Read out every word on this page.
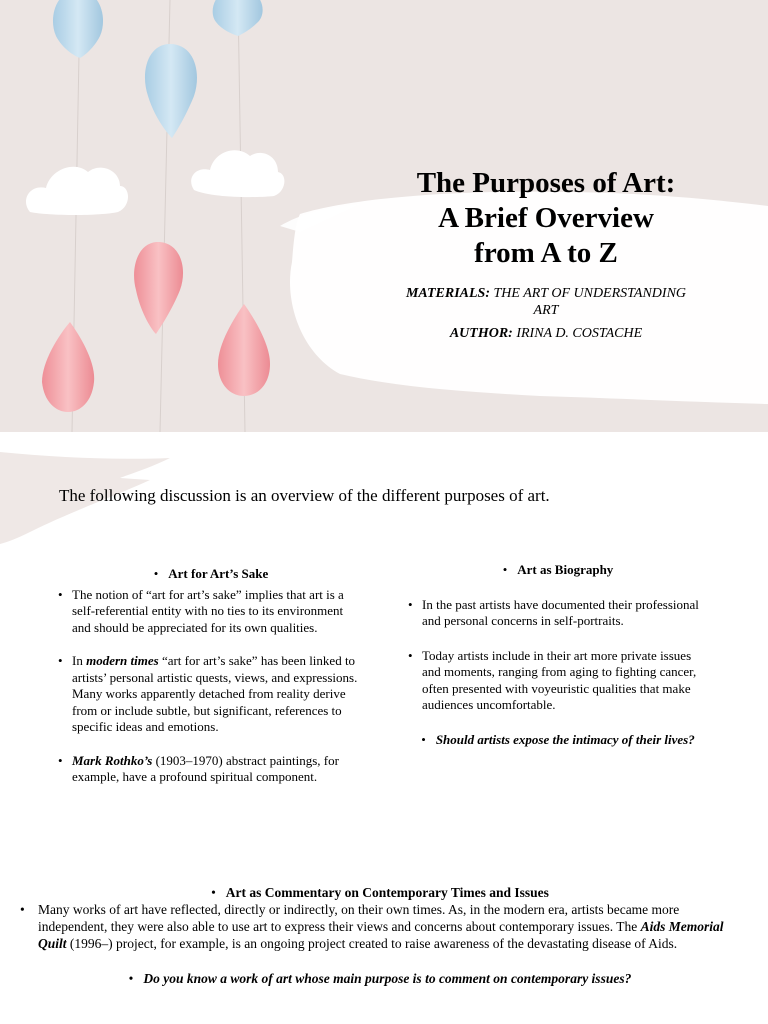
The Purposes of Art: A Brief Overview from A to Z

MATERIALS: THE ART OF UNDERSTANDING ART

AUTHOR: IRINA D. COSTACHE

The following discussion is an overview of the different purposes of art.

• Art for Art’s Sake

• The notion of “art for art’s sake” implies that art is a self-referential entity with no ties to its environment and should be appreciated for its own qualities.
• In modern times “art for art’s sake” has been linked to artists’ personal artistic quests, views, and expressions. Many works apparently detached from reality derive from or include subtle, but significant, references to specific ideas and emotions.
• Mark Rothko’s (1903–1970) abstract paintings, for example, have a profound spiritual component.

• Art as Biography

• In the past artists have documented their professional and personal concerns in self-portraits.
• Today artists include in their art more private issues and moments, ranging from aging to fighting cancer, often presented with voyeuristic qualities that make audiences uncomfortable.

• Should artists expose the intimacy of their lives?

• Art as Commentary on Contemporary Times and Issues

• Many works of art have reflected, directly or indirectly, on their own times. As, in the modern era, artists became more independent, they were also able to use art to express their views and concerns about contemporary issues. The Aids Memorial Quilt (1996–) project, for example, is an ongoing project created to raise awareness of the devastating disease of Aids.

• Do you know a work of art whose main purpose is to comment on contemporary issues?
